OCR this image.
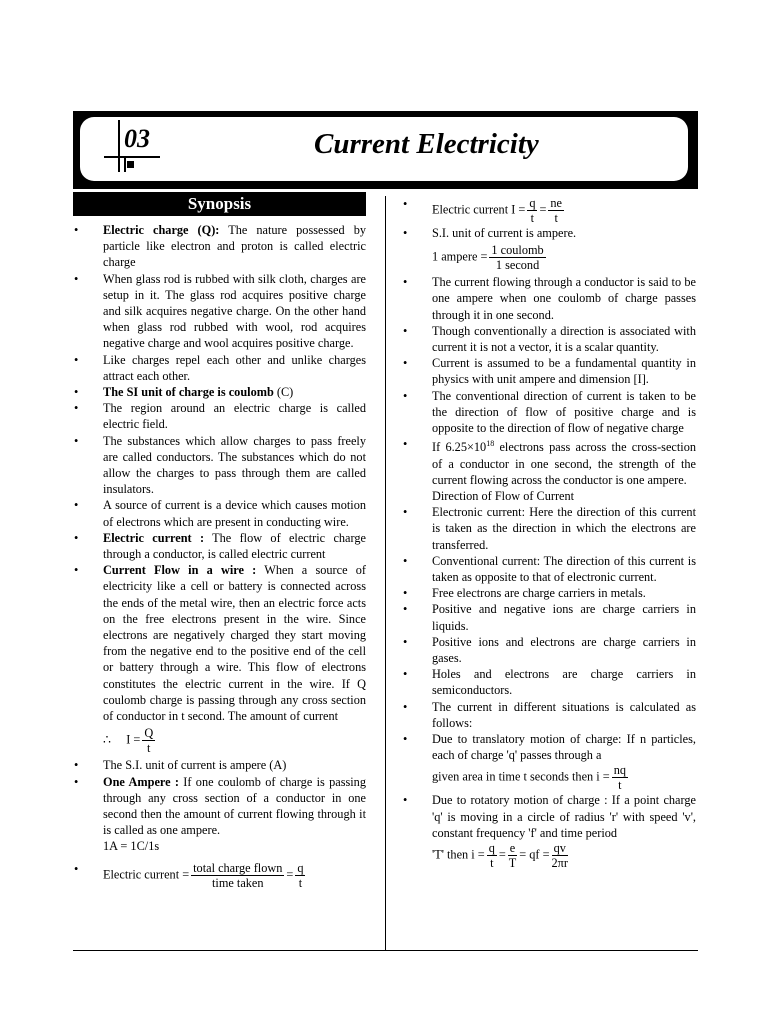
03	Current Electricity
Synopsis

• Electric charge (Q): The nature possessed by particle like electron and proton is called electric charge

• When glass rod is rubbed with silk cloth, charges are setup in it. The glass rod acquires positive charge and silk acquires negative charge. On the other hand when glass rod rubbed with wool, rod acquires negative charge and wool acquires positive charge.

• Like charges repel each other and unlike charges attract each other.

• The SI unit of charge is coulomb (C)

• The region around an electric charge is called electric field.

• The substances which allow charges to pass freely are called conductors. The substances which do not allow the charges to pass through them are called insulators.

• A source of current is a device which causes motion of electrons which are present in conducting wire.

• Electric current : The flow of electric charge through a conductor, is called electric current

• Current Flow in a wire : When a source of electricity like a cell or battery is connected across the ends of the metal wire, then an electric force acts on the free electrons present in the wire. Since electrons are negatively charged they start moving from the negative end to the positive end of the cell or battery through a wire. This flow of electrons constitutes the electric current in the wire. If Q coulomb charge is passing through any cross section of conductor in t second. The amount of current

∴ $I = \frac{Q}{t}$

• The S.I. unit of current is ampere (A)

• One Ampere : If one coulomb of charge is passing through any cross section of a conductor in one second then the amount of current flowing through it is called as one ampere.

1A = 1C/1s

• Electric current = $\frac{\text{total charge flown}}{\text{time taken}} = \frac{q}{t}$

• Electric current $I = \frac{q}{t} = \frac{ne}{t}$

• S.I. unit of current is ampere.

1 ampere = $\frac{\text{1 coulomb}}{\text{1 second}}$

• The current flowing through a conductor is said to be one ampere when one coulomb of charge passes through it in one second.

• Though conventionally a direction is associated with current it is not a vector, it is a scalar quantity.

• Current is assumed to be a fundamental quantity in physics with unit ampere and dimension [I].

• The conventional direction of current is taken to be the direction of flow of positive charge and is opposite to the direction of flow of negative charge

• If $6.25\times 10^{18}$ electrons pass across the cross-section of a conductor in one second, the strength of the current flowing across the conductor is one ampere.

Direction of Flow of Current

• Electronic current: Here the direction of this current is taken as the direction in which the electrons are transferred.

• Conventional current: The direction of this current is taken as opposite to that of electronic current.

• Free electrons are charge carriers in metals.

• Positive and negative ions are charge carriers in liquids.

• Positive ions and electrons are charge carriers in gases.

• Holes and electrons are charge carriers in semiconductors.

• The current in different situations is calculated as follows:

• Due to translatory motion of charge: If n particles, each of charge 'q' passes through a

given area in time t seconds then $i = \frac{nq}{t}$

• Due to rotatory motion of charge : If a point charge 'q' is moving in a circle of radius 'r' with speed 'v', constant frequency 'f' and time period

'T' then $i = \frac{q}{t} = \frac{e}{T}$ = qf = $\frac{qv}{2\pi r}$
